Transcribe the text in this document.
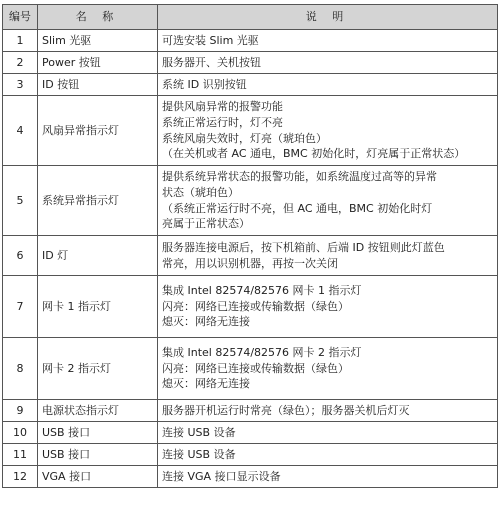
编号	名 称	说 明
1	Slim 光驱	可选安装 Slim 光驱

2	Power 按钮	服务器开、关机按钮

3	ID 按钮	系统 ID 识别按钮

4	风扇异常指示灯	提供风扇异常的报警功能
系统正常运行时，灯不亮
系统风扇失效时，灯亮（琥珀色）
（在关机或者 AC 通电，BMC 初始化时，灯亮属于正常状态）

5	系统异常指示灯	提供系统异常状态的报警功能，如系统温度过高等的异常
状态（琥珀色）
（系统正常运行时不亮，但 AC 通电，BMC 初始化时灯
亮属于正常状态）

6	ID 灯	服务器连接电源后，按下机箱前、后端 ID 按钮则此灯蓝色
常亮，用以识别机器，再按一次关闭

7	网卡 1 指示灯	集成 Intel 82574/82576 网卡 1 指示灯
闪亮：网络已连接或传输数据（绿色）
熄灭：网络无连接

8	网卡 2 指示灯	集成 Intel 82574/82576 网卡 2 指示灯
闪亮：网络已连接或传输数据（绿色）
熄灭：网络无连接

9	电源状态指示灯	服务器开机运行时常亮（绿色）；服务器关机后灯灭

10	USB 接口	连接 USB 设备

11	USB 接口	连接 USB 设备

12	VGA 接口	连接 VGA 接口显示设备
